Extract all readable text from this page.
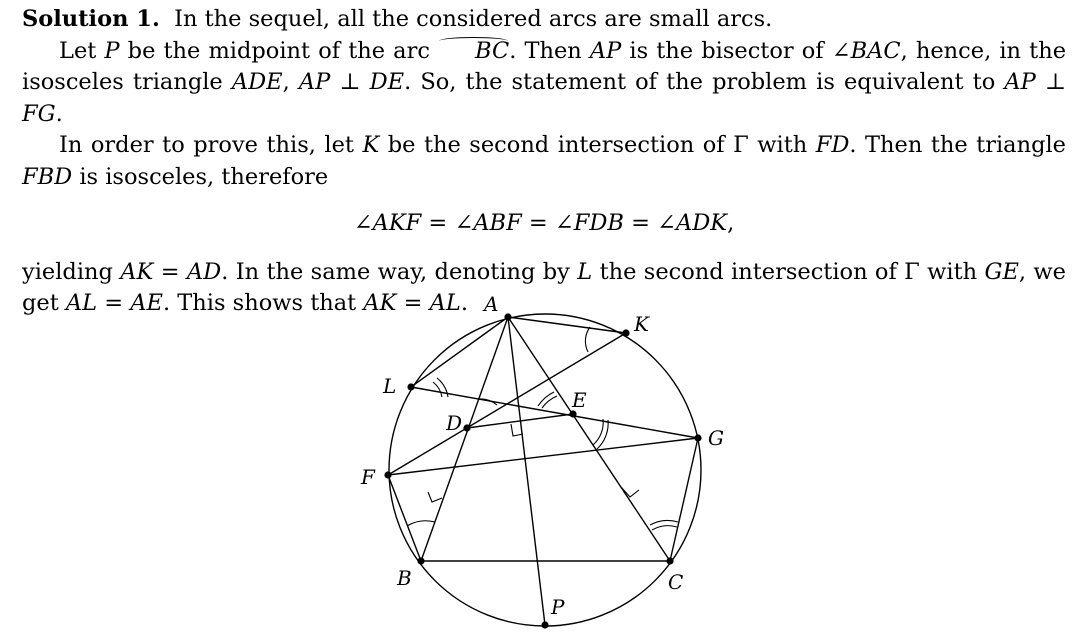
Solution 1. In the sequel, all the considered arcs are small arcs.

Let P be the midpoint of the arc BC. Then AP is the bisector of ∠BAC, hence, in the isosceles triangle ADE, AP ⊥ DE. So, the statement of the problem is equivalent to AP ⊥ FG.

In order to prove this, let K be the second intersection of Γ with FD. Then the triangle FBD is isosceles, therefore

∠AKF = ∠ABF = ∠FDB = ∠ADK,

yielding AK = AD. In the same way, denoting by L the second intersection of Γ with GE, we get AL = AE. This shows that AK = AL. A
K
L
E
D
G
F
B	C
P
